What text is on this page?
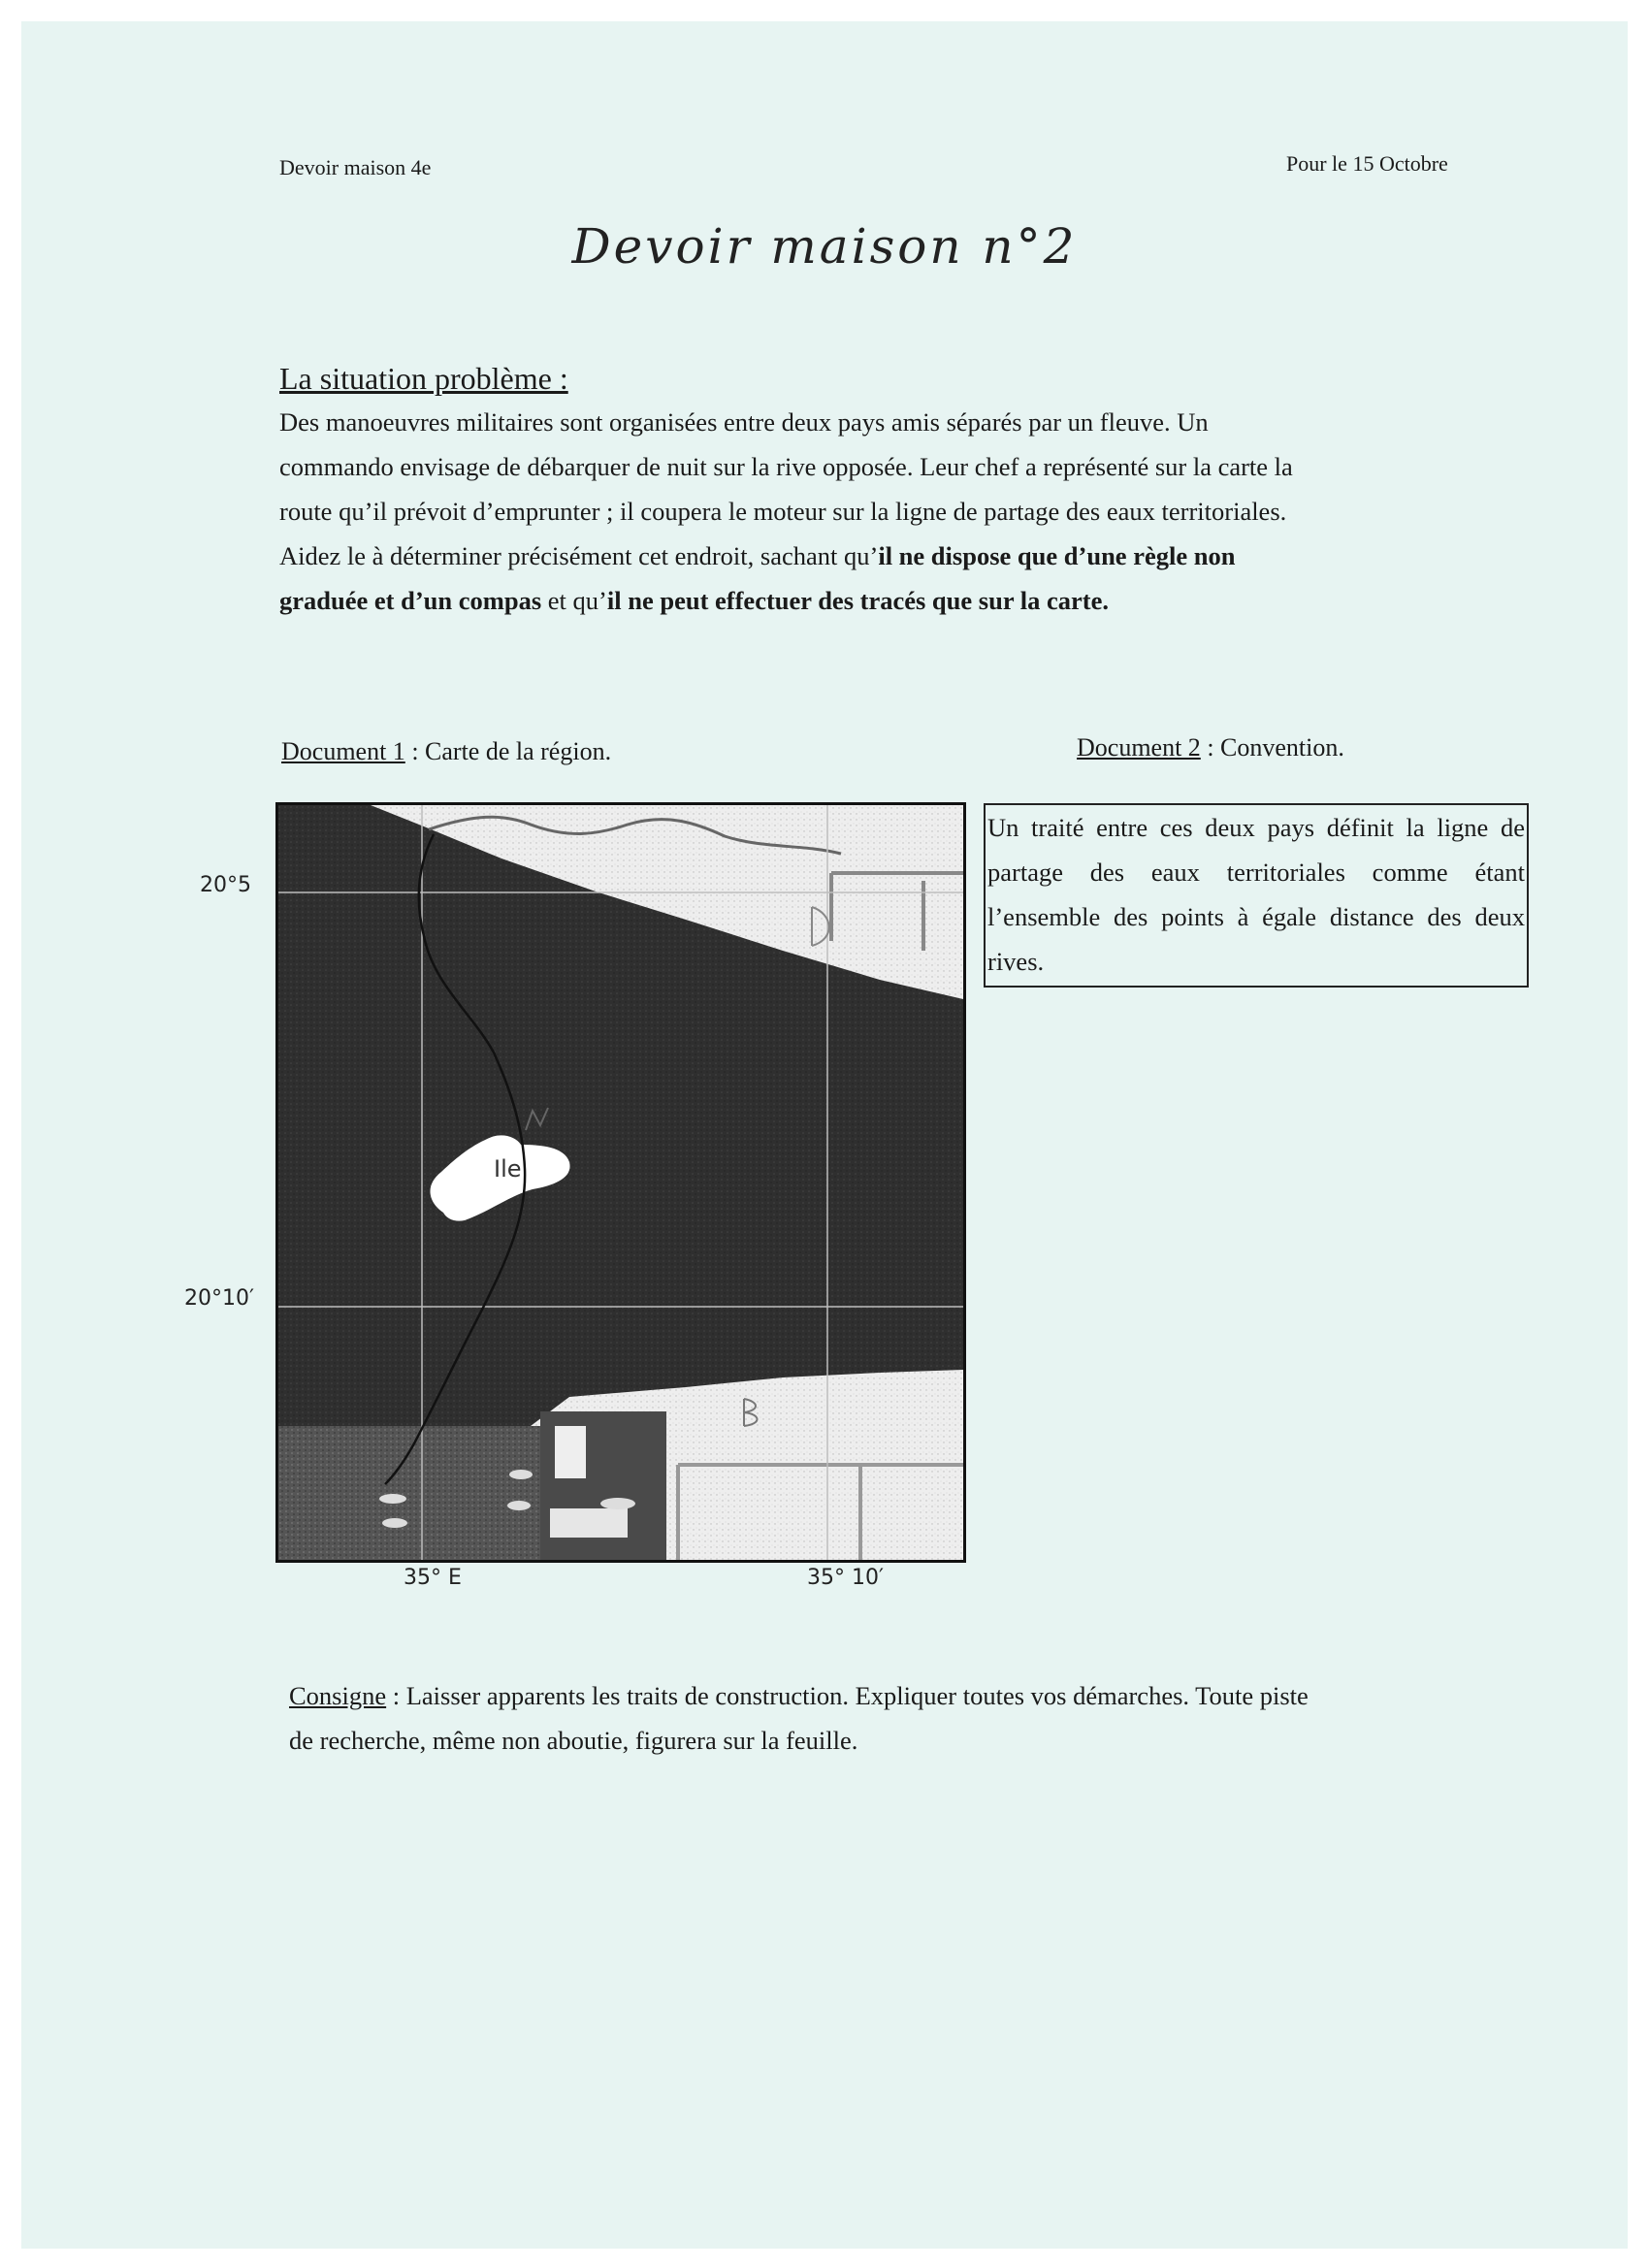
Devoir maison 4e	Pour le 15 Octobre
Devoir maison n°2
La situation problème :
Des manoeuvres militaires sont organisées entre deux pays amis séparés par un fleuve. Un
commando envisage de débarquer de nuit sur la rive opposée. Leur chef a représenté sur la carte la
route qu’il prévoit d’emprunter ; il coupera le moteur sur la ligne de partage des eaux territoriales.
Aidez le à déterminer précisément cet endroit, sachant qu’il ne dispose que d’une règle non
graduée et d’un compas et qu’il ne peut effectuer des tracés que sur la carte.
Document 1 : Carte de la région.	Document 2 : Convention.
Un traité entre ces deux pays définit la ligne de partage des eaux territoriales comme étant l’ensemble des points à égale distance des deux rives.
20°5
20°10′
35° E	35° 10′
Ile
Consigne : Laisser apparents les traits de construction. Expliquer toutes vos démarches. Toute piste
de recherche, même non aboutie, figurera sur la feuille.
